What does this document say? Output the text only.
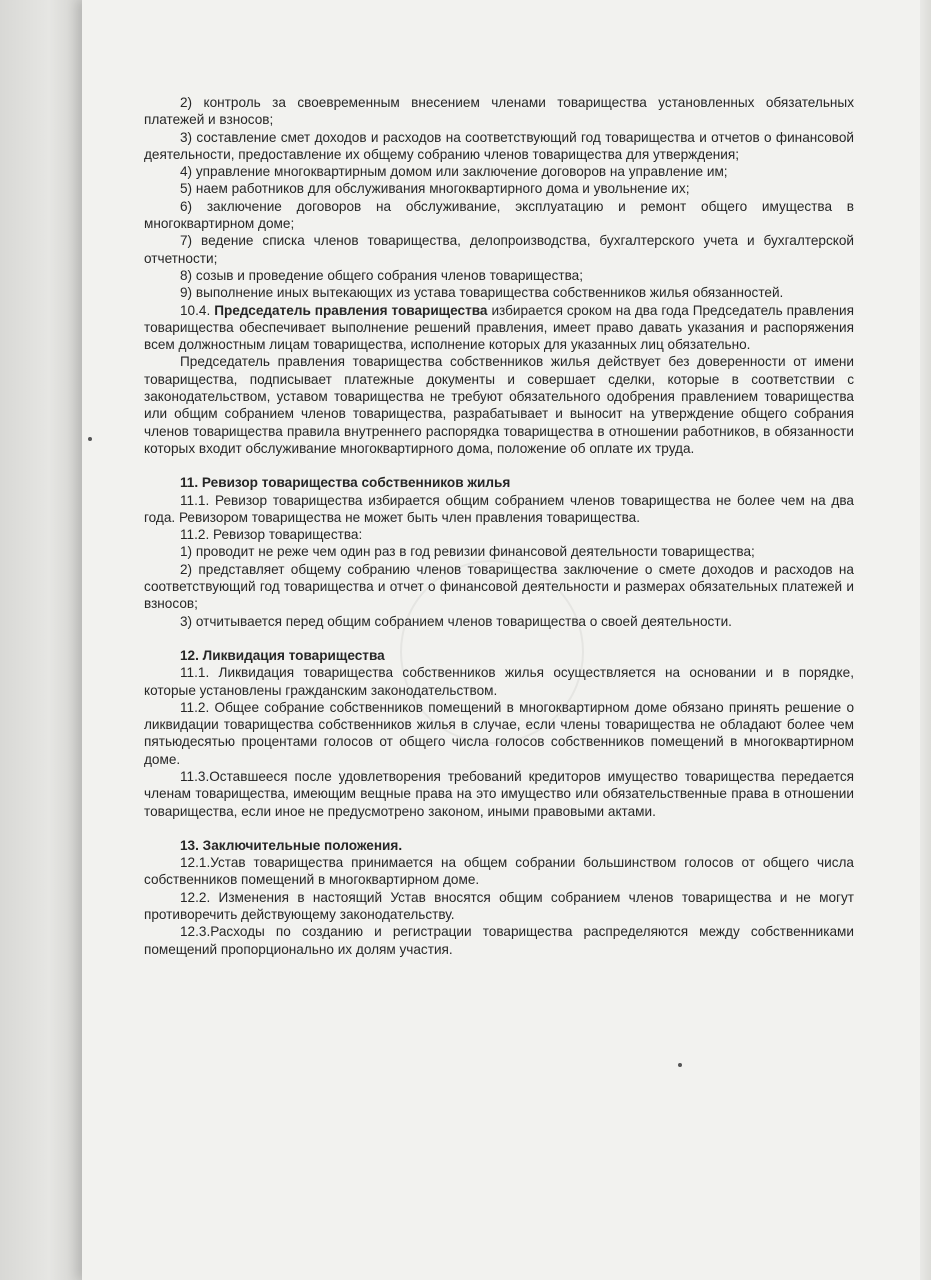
2) контроль за своевременным внесением членами товарищества установленных обязательных платежей и взносов;

3) составление смет доходов и расходов на соответствующий год товарищества и отчетов о финансовой деятельности, предоставление их общему собранию членов товарищества для утверждения;

4) управление многоквартирным домом или заключение договоров на управление им;

5) наем работников для обслуживания многоквартирного дома и увольнение их;

6) заключение договоров на обслуживание, эксплуатацию и ремонт общего имущества в многоквартирном доме;

7) ведение списка членов товарищества, делопроизводства, бухгалтерского учета и бухгалтерской отчетности;

8) созыв и проведение общего собрания членов товарищества;

9) выполнение иных вытекающих из устава товарищества собственников жилья обязанностей.

10.4. Председатель правления товарищества избирается сроком на два года Председатель правления товарищества обеспечивает выполнение решений правления, имеет право давать указания и распоряжения всем должностным лицам товарищества, исполнение которых для указанных лиц обязательно.

Председатель правления товарищества собственников жилья действует без доверенности от имени товарищества, подписывает платежные документы и совершает сделки, которые в соответствии с законодательством, уставом товарищества не требуют обязательного одобрения правлением товарищества или общим собранием членов товарищества, разрабатывает и выносит на утверждение общего собрания членов товарищества правила внутреннего распорядка товарищества в отношении работников, в обязанности которых входит обслуживание многоквартирного дома, положение об оплате их труда.

11. Ревизор товарищества собственников жилья

11.1. Ревизор товарищества избирается общим собранием членов товарищества не более чем на два года. Ревизором товарищества не может быть член правления товарищества.

11.2. Ревизор товарищества:

1) проводит не реже чем один раз в год ревизии финансовой деятельности товарищества;

2) представляет общему собранию членов товарищества заключение о смете доходов и расходов на соответствующий год товарищества и отчет о финансовой деятельности и размерах обязательных платежей и взносов;

3) отчитывается перед общим собранием членов товарищества о своей деятельности.

12. Ликвидация товарищества

11.1. Ликвидация товарищества собственников жилья осуществляется на основании и в порядке, которые установлены гражданским законодательством.

11.2. Общее собрание собственников помещений в многоквартирном доме обязано принять решение о ликвидации товарищества собственников жилья в случае, если члены товарищества не обладают более чем пятьюдесятью процентами голосов от общего числа голосов собственников помещений в многоквартирном доме.

11.3.Оставшееся после удовлетворения требований кредиторов имущество товарищества передается членам товарищества, имеющим вещные права на это имущество или обязательственные права в отношении товарищества, если иное не предусмотрено законом, иными правовыми актами.

13. Заключительные положения.

12.1.Устав товарищества принимается на общем собрании большинством голосов от общего числа собственников помещений в многоквартирном доме.

12.2. Изменения в настоящий Устав вносятся общим собранием членов товарищества и не могут противоречить действующему законодательству.

12.3.Расходы по созданию и регистрации товарищества распределяются между собственниками помещений пропорционально их долям участия.
